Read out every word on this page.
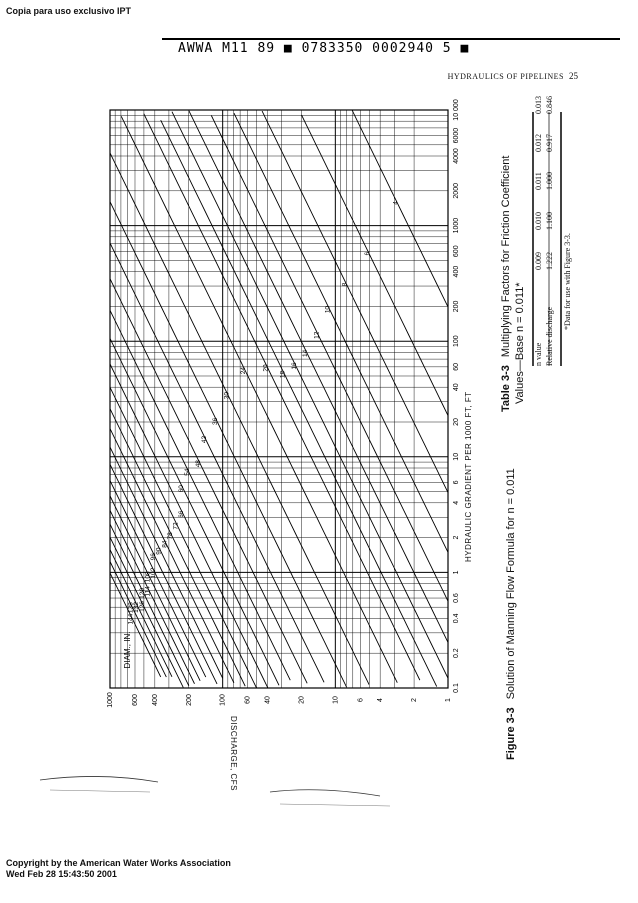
Copia para uso exclusivo IPT
AWWA M11 89 ■ 0783350 0002940 5 ■
HYDRAULICS OF PIPELINES 25
0.1
0.2
0.4
0.6
1
2
4
6
10
20
40
60
100
200
400
600
1000
2000
4000
6000
10 000
1
2
4
6
10
20
40
60
100
200
400
600
1000
4
6
8
10
12
14
16
18
20
24
30
36
42
48
54
60
66
72
78
84
90
96
102
108
114
120
126
132
138
144
DIAM., IN.
HYDRAULIC GRADIENT PER 1000 FT, FT
DISCHARGE, CFS	Figure 3-3Solution of Manning Flow Formula for n = 0.011
Table 3-3Multiplying Factors for Friction Coefficient Values—Base n = 0.011* n value Relative discharge
0.009
0.010
0.011
0.012
0.013
1.222
1.100
1.000
0.917
0.846
*Data for use with Figure 3-3.
Copyright by the American Water Works Association
Wed Feb 28 15:43:50 2001
